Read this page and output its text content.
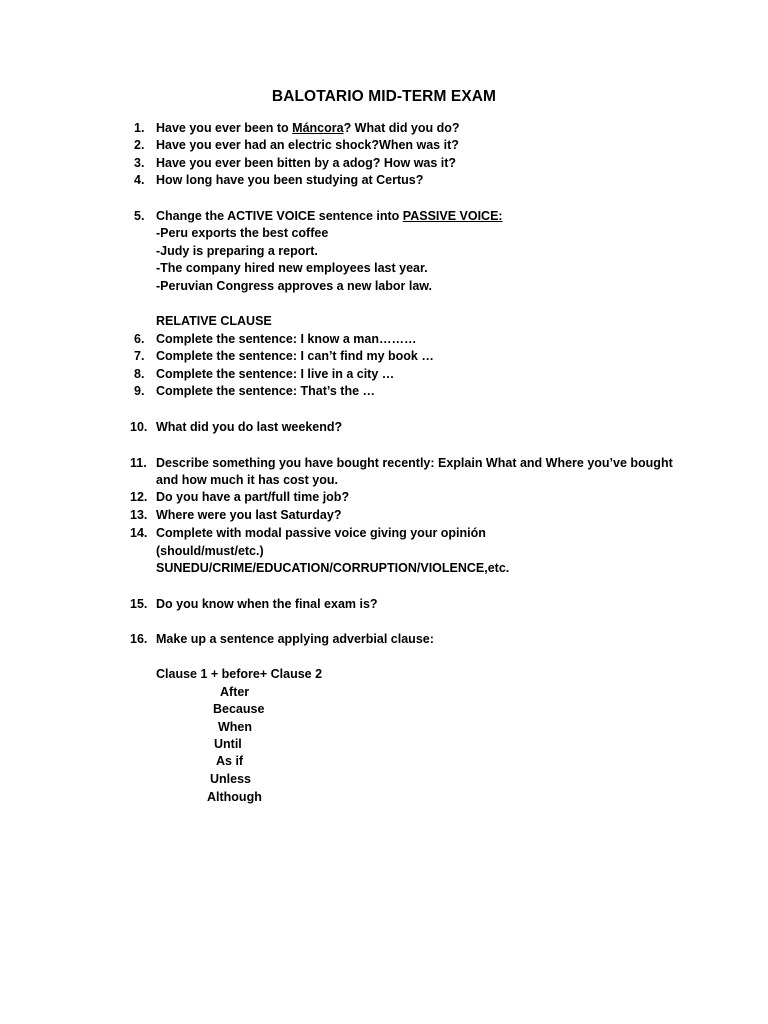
BALOTARIO MID-TERM EXAM
1. Have you ever been to Máncora? What did you do?
2. Have you ever had an electric shock?When was it?
3. Have you ever been bitten by a adog? How was it?
4. How long have you been studying at Certus?
5. Change the ACTIVE VOICE sentence into PASSIVE VOICE:
-Peru exports the best coffee
-Judy is preparing a report.
-The company hired new employees last year.
-Peruvian Congress approves a new labor law.
RELATIVE CLAUSE
6. Complete the sentence: I know a man………
7. Complete the sentence: I can’t find my book …
8. Complete the sentence: I live in a city …
9. Complete the sentence: That’s the …
10. What did you do last weekend?
11. Describe something you have bought recently: Explain What and Where you’ve bought
and how much it has cost you.
12. Do you have a part/full time job?
13. Where were you last Saturday?
14. Complete with modal passive voice giving your opinión
(should/must/etc.)
SUNEDU/CRIME/EDUCATION/CORRUPTION/VIOLENCE,etc.
15. Do you know when the final exam is?
16. Make up a sentence applying adverbial clause:
Clause 1 + before+ Clause 2
After
Because
When
Until
As if
Unless
Although
